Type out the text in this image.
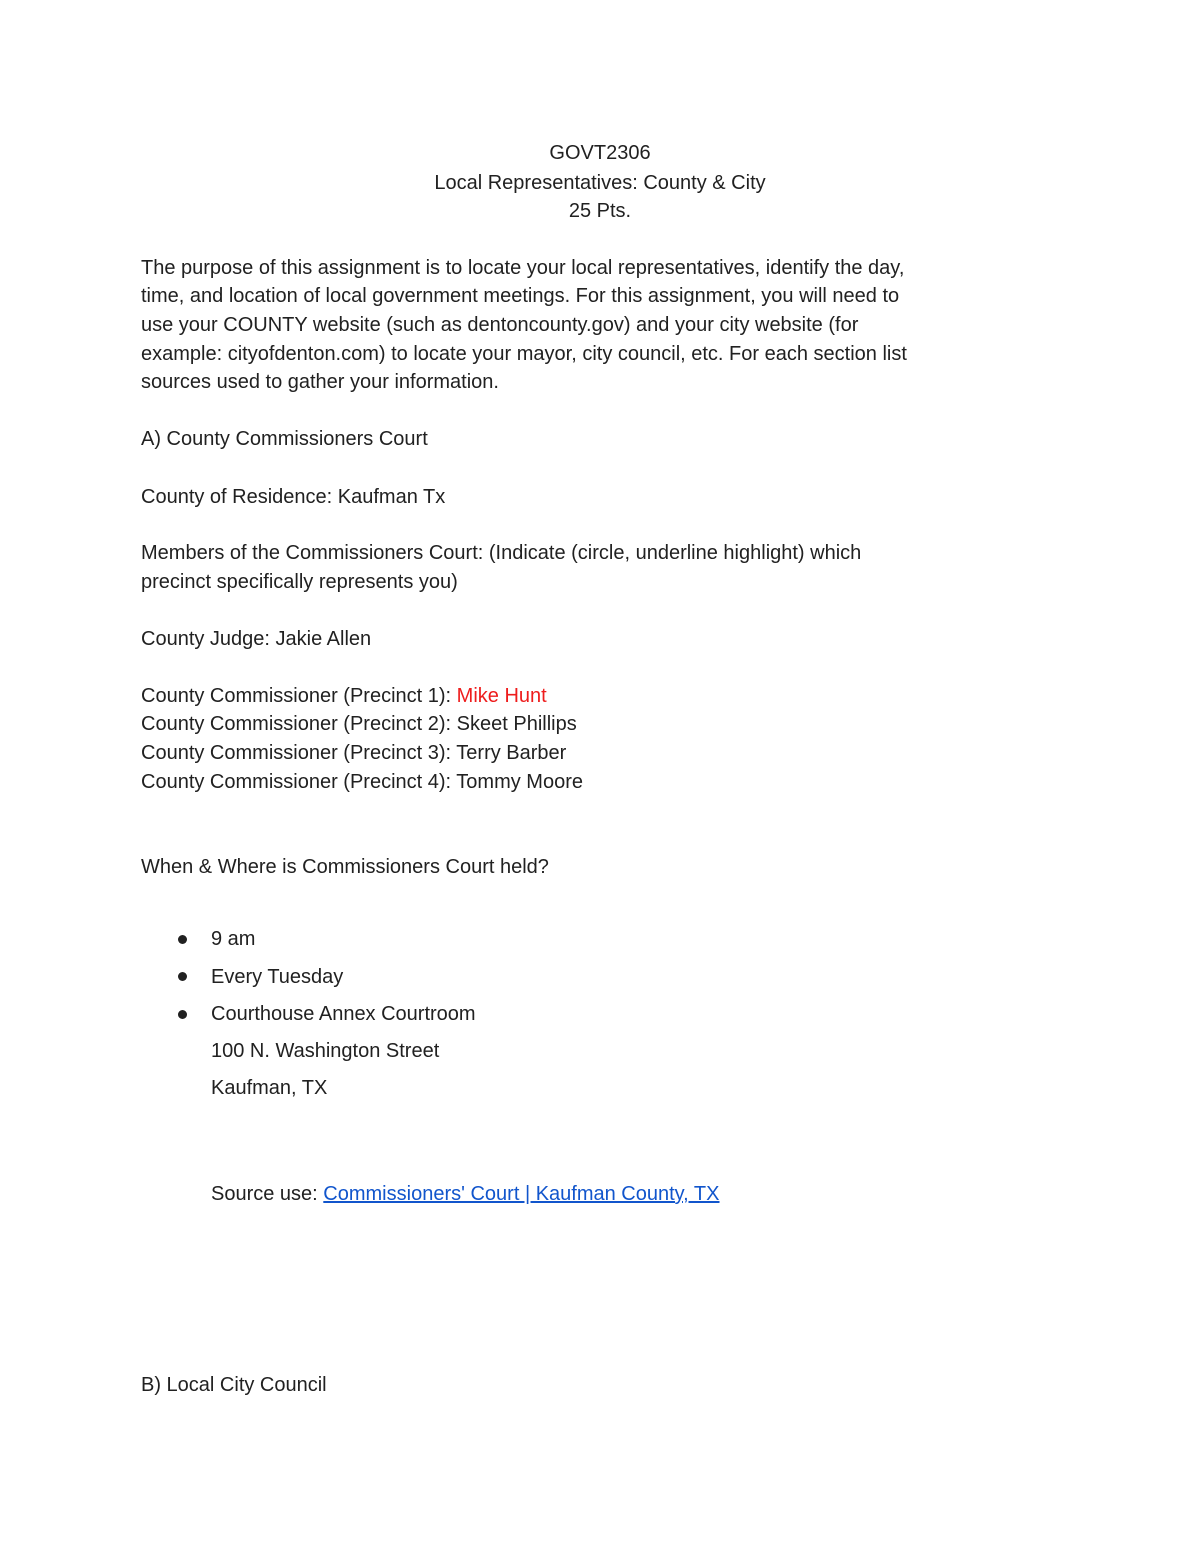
GOVT2306
Local Representatives: County & City
25 Pts.
The purpose of this assignment is to locate your local representatives, identify the day,
time, and location of local government meetings. For this assignment, you will need to
use your COUNTY website (such as dentoncounty.gov) and your city website (for
example: cityofdenton.com) to locate your mayor, city council, etc. For each section list
sources used to gather your information.
A) County Commissioners Court
County of Residence: Kaufman Tx
Members of the Commissioners Court: (Indicate (circle, underline highlight) which
precinct specifically represents you)
County Judge: Jakie Allen
County Commissioner (Precinct 1): Mike Hunt
County Commissioner (Precinct 2): Skeet Phillips
County Commissioner (Precinct 3): Terry Barber
County Commissioner (Precinct 4): Tommy Moore
When & Where is Commissioners Court held?
9 am
Every Tuesday
Courthouse Annex Courtroom
100 N. Washington Street
Kaufman, TX
Source use: Commissioners' Court | Kaufman County, TX
B) Local City Council
